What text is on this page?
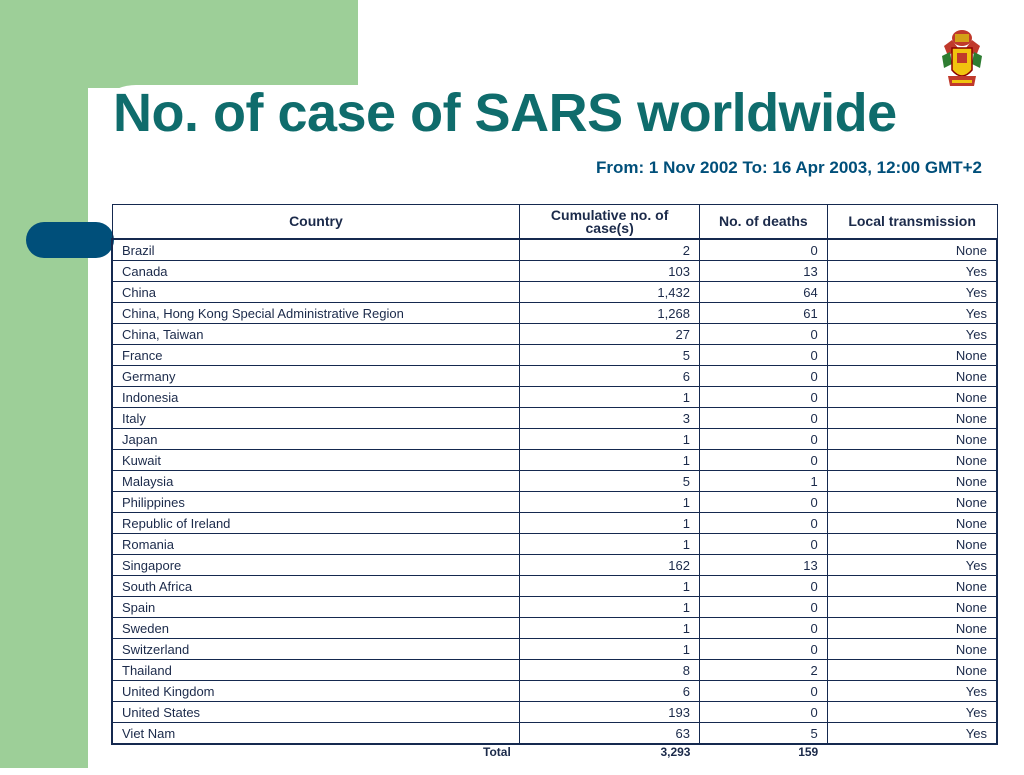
No. of case of SARS worldwide
From: 1 Nov 2002 To: 16 Apr 2003, 12:00 GMT+2
Country	Cumulative no. of case(s)	No. of deaths	Local transmission
Brazil	2	0	None
Canada	103	13	Yes
China	1,432	64	Yes
China, Hong Kong Special Administrative Region	1,268	61	Yes
China, Taiwan	27	0	Yes
France	5	0	None
Germany	6	0	None
Indonesia	1	0	None
Italy	3	0	None
Japan	1	0	None
Kuwait	1	0	None
Malaysia	5	1	None
Philippines	1	0	None
Republic of Ireland	1	0	None
Romania	1	0	None
Singapore	162	13	Yes
South Africa	1	0	None
Spain	1	0	None
Sweden	1	0	None
Switzerland	1	0	None
Thailand	8	2	None
United Kingdom	6	0	Yes
United States	193	0	Yes
Viet Nam	63	5	Yes
Total	3,293	159	
